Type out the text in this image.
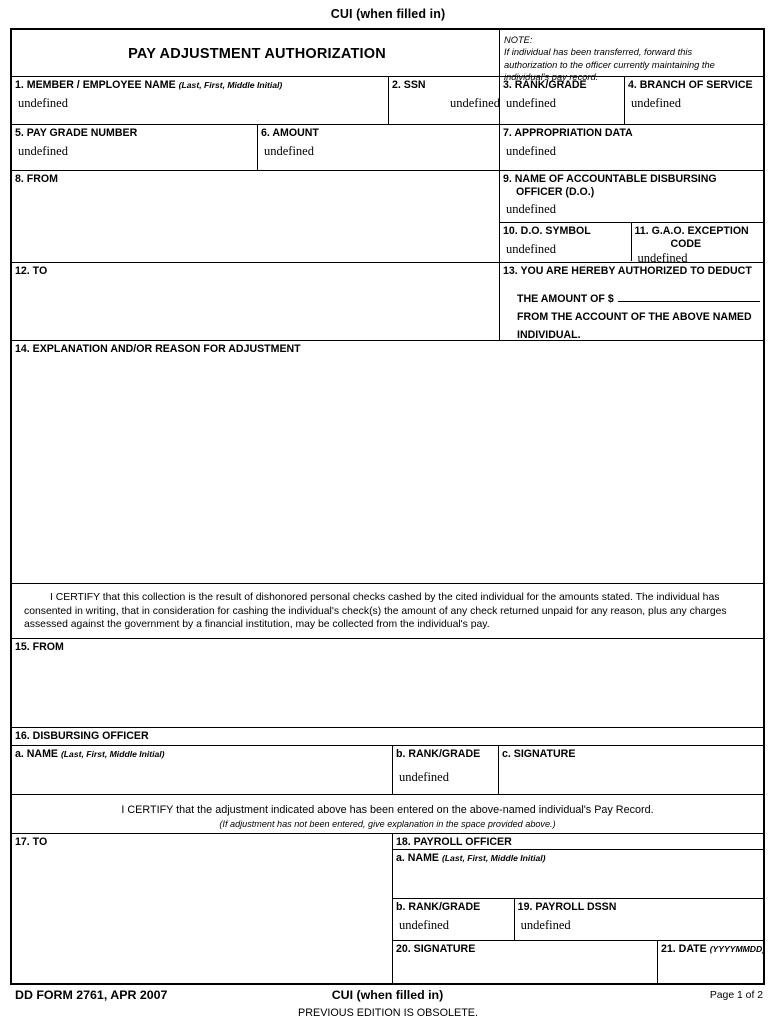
CUI (when filled in)
PAY ADJUSTMENT AUTHORIZATION
NOTE:If individual has been transferred, forward this authorization to the officer currently maintaining the individual's pay record.
1. MEMBER / EMPLOYEE NAME (Last, First, Middle Initial)
undefined
2. SSN
undefined
3. RANK/GRADE
undefined
4. BRANCH OF SERVICE
undefined
5. PAY GRADE NUMBER
undefined
6. AMOUNT
undefined
7. APPROPRIATION DATA
undefined
8. FROM	9. NAME OF ACCOUNTABLE DISBURSING
OFFICER (D.O.)
undefined
10. D.O. SYMBOL
undefined
11. G.A.O. EXCEPTION
CODE
undefined
12. TO	13. YOU ARE HEREBY AUTHORIZED TO DEDUCT
THE AMOUNT OF $
FROM THE ACCOUNT OF THE ABOVE NAMED
INDIVIDUAL.
14. EXPLANATION AND/OR REASON FOR ADJUSTMENT
I CERTIFY that this collection is the result of dishonored personal checks cashed by the cited individual for the amounts stated. The individual has consented in writing, that in consideration for cashing the individual's check(s) the amount of any check returned unpaid for any reason, plus any charges assessed against the government by a financial institution, may be collected from the individual's pay.
15. FROM
16. DISBURSING OFFICER
a. NAME (Last, First, Middle Initial)	b. RANK/GRADE
undefined
c. SIGNATURE
I CERTIFY that the adjustment indicated above has been entered on the above-named individual's Pay Record.
(If adjustment has not been entered, give explanation in the space provided above.)
17. TO	18. PAYROLL OFFICER
a. NAME (Last, First, Middle Initial)
b. RANK/GRADE
undefined
19. PAYROLL DSSN
undefined
20. SIGNATURE	21. DATE (YYYYMMDD)
DD FORM 2761, APR 2007	CUI (when filled in)	Page 1 of 2
PREVIOUS EDITION IS OBSOLETE.
